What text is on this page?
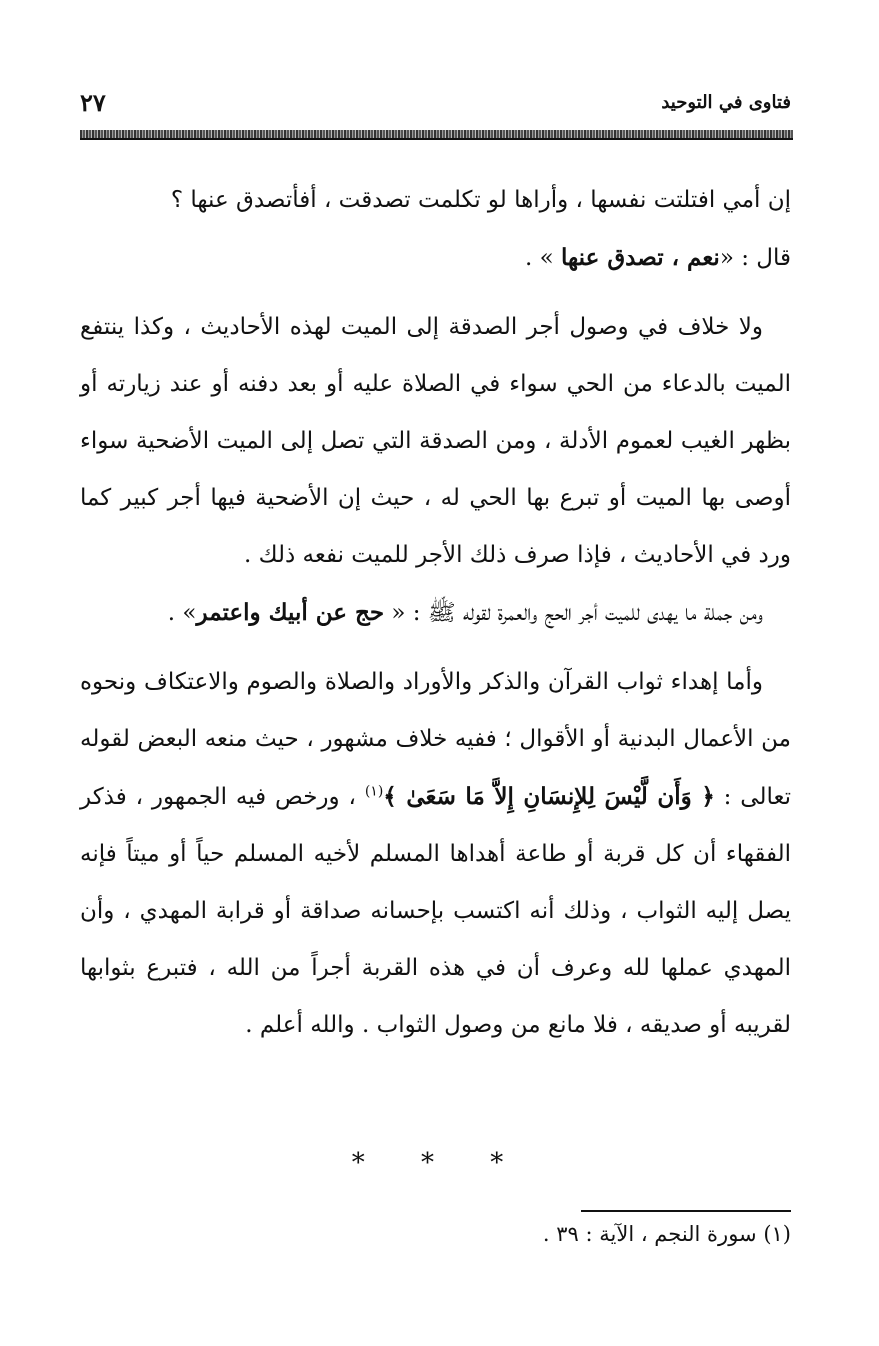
فتاوى في التوحيد
٢٧

إن أمي افتلتت نفسها ، وأراها لو تكلمت تصدقت ، أفأتصدق عنها ؟
قال : «نعم ، تصدق عنها » .

ولا خلاف في وصول أجر الصدقة إلى الميت لهذه الأحاديث ، وكذا ينتفع الميت بالدعاء من الحي سواء في الصلاة عليه أو بعد دفنه أو عند زيارته أو بظهر الغيب لعموم الأدلة ، ومن الصدقة التي تصل إلى الميت الأضحية سواء أوصى بها الميت أو تبرع بها الحي له ، حيث إن الأضحية فيها أجر كبير كما ورد في الأحاديث ، فإذا صرف ذلك الأجر للميت نفعه ذلك .

ومن جملة ما يهدى للميت أجر الحج والعمرة لقوله ﷺ : « حج عن أبيك واعتمر» .

وأما إهداء ثواب القرآن والذكر والأوراد والصلاة والصوم والاعتكاف ونحوه من الأعمال البدنية أو الأقوال ؛ ففيه خلاف مشهور ، حيث منعه البعض لقوله تعالى : ﴿ وَأَن لَّيْسَ لِلإِنسَانِ إِلاَّ مَا سَعَىٰ ﴾$^{(١)}$ ، ورخص فيه الجمهور ، فذكر الفقهاء أن كل قربة أو طاعة أهداها المسلم لأخيه المسلم حياً أو ميتاً فإنه يصل إليه الثواب ، وذلك أنه اكتسب بإحسانه صداقة أو قرابة المهدي ، وأن المهدي عملها لله وعرف أن في هذه القربة أجراً من الله ، فتبرع بثوابها لقريبه أو صديقه ، فلا مانع من وصول الثواب . والله أعلم .

* * *
(١) سورة النجم ، الآية : ٣٩ .
